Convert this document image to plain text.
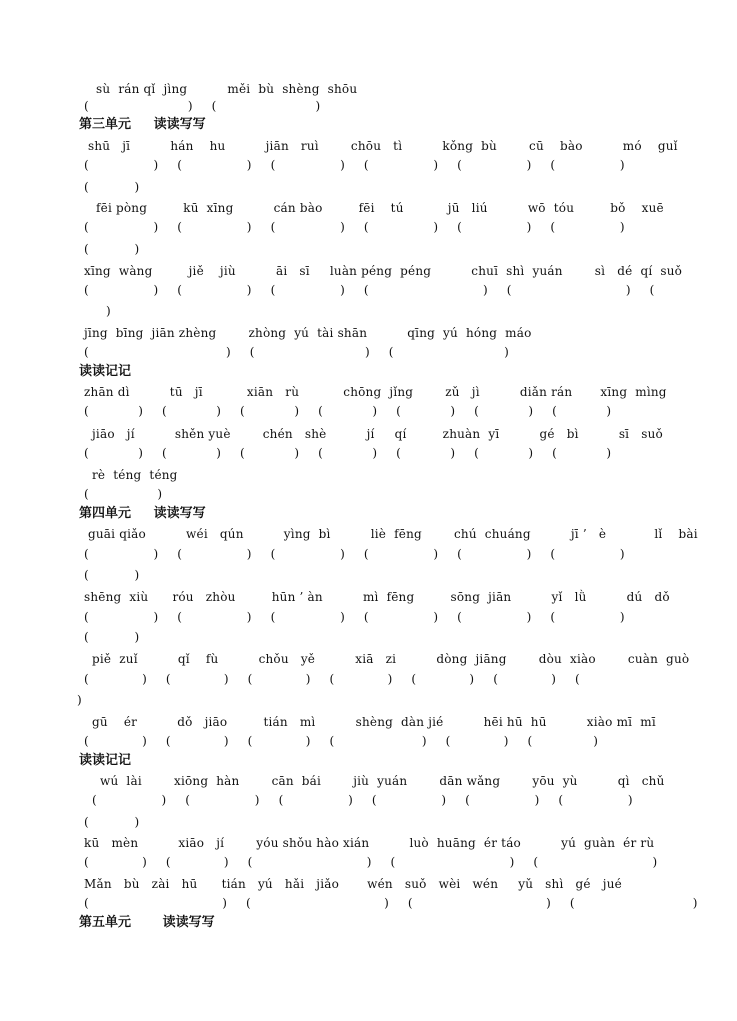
sù  rán qǐ  jìng          měi  bù  shèng  shōu
(                          )     (                          )
第三单元     读读写写
shū   jī          hán    hu          jiān   ruì        chōu   tì          kǒng  bù        cū    bào          mó    guǐ
(                 )     (                 )     (                 )     (                 )     (                 )     (                 )
(            )
fēi pòng         kū  xīng          cán bào         fēi    tú           jū   liú          wō  tóu         bǒ    xuē
(                 )     (                 )     (                 )     (                 )     (                 )     (                 )
(            )
xīng  wàng         jiě    jiù          āi   sī     luàn péng  péng          chuī  shì  yuán        sì   dé  qí  suǒ
(                 )     (                 )     (                 )     (                              )     (                              )     (
)
jīng  bīng  jiān zhèng        zhòng  yú  tài shān          qīng  yú  hóng  máo
(                                    )     (                             )     (                             )
读读记记
zhān dì          tū   jī           xiān   rù           chōng  jǐng        zǔ   jì          diǎn rán       xīng  mìng
(             )     (             )     (             )     (             )     (             )     (             )     (             )
jiāo   jí          shěn yuè        chén   shè          jí     qí         zhuàn  yī          gé   bì          sī   suǒ
(             )     (             )     (             )     (             )     (             )     (             )     (             )
rè  téng  téng
(                  )
第四单元     读读写写
guāi qiǎo          wéi   qún          yìng  bì          liè  fēng        chú  chuáng          jī ’   è            lǐ    bài
(                 )     (                 )     (                 )     (                 )     (                 )     (                 )
(            )
shēng  xiù      róu   zhòu         hūn ’ àn          mì  fēng         sōng  jiān          yǐ   lǜ          dú   dǒ
(                 )     (                 )     (                 )     (                 )     (                 )     (                 )
(            )
piě  zuǐ          qǐ    fù          chǒu   yě          xiā   zi          dòng  jiāng        dòu  xiào        cuàn  guò
(              )     (              )     (              )     (              )     (              )     (              )     (
)
gū    ér          dǒ   jiāo         tián   mì          shèng  dàn jié          hēi hū  hū          xiào mī  mī
(              )     (              )     (              )     (                       )     (              )     (                )
读读记记
wú  lài        xiōng  hàn        cān  bái        jiù  yuán        dān wǎng        yōu  yù          qì   chǔ
(                 )     (                 )     (                 )     (                 )     (                 )     (                 )
(            )
kū   mèn          xiāo   jí        yóu shǒu hào xián          luò  huāng  ér táo          yú  guàn  ér rù
(              )     (              )     (                              )     (                              )     (                              )
Mǎn   bù   zài   hū      tián   yú   hǎi   jiǎo       wén   suǒ   wèi   wén     yǔ   shì   gé   jué
(                                   )     (                                   )     (                                   )     (                               )
第五单元       读读写写
